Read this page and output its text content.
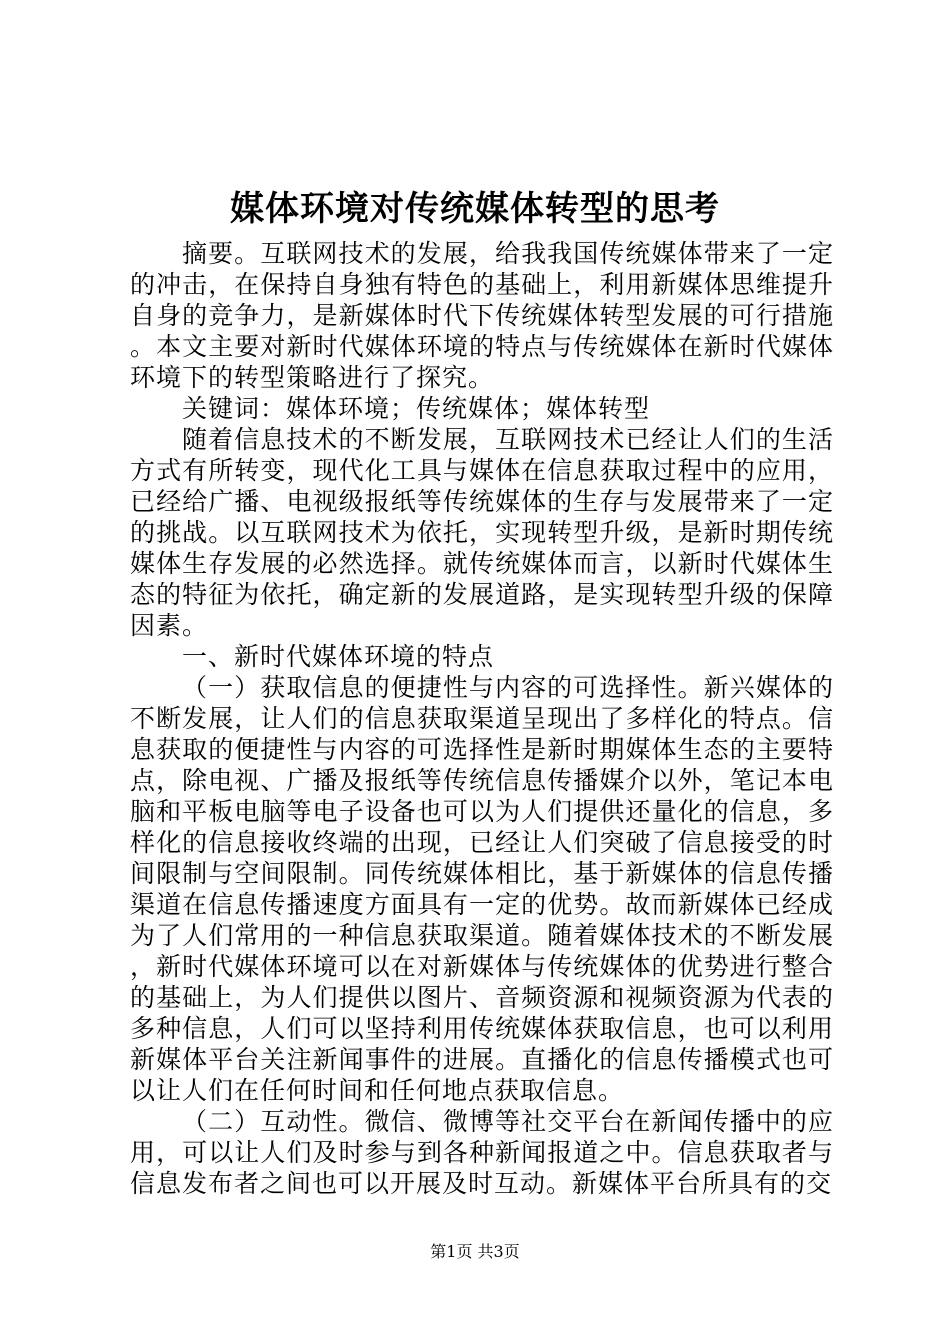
媒体环境对传统媒体转型的思考

摘要。互联网技术的发展，给我我国传统媒体带来了一定的冲击，在保持自身独有特色的基础上，利用新媒体思维提升自身的竞争力，是新媒体时代下传统媒体转型发展的可行措施。本文主要对新时代媒体环境的特点与传统媒体在新时代媒体环境下的转型策略进行了探究。

关键词：媒体环境；传统媒体；媒体转型

随着信息技术的不断发展，互联网技术已经让人们的生活方式有所转变，现代化工具与媒体在信息获取过程中的应用，已经给广播、电视级报纸等传统媒体的生存与发展带来了一定的挑战。以互联网技术为依托，实现转型升级，是新时期传统媒体生存发展的必然选择。就传统媒体而言，以新时代媒体生态的特征为依托，确定新的发展道路，是实现转型升级的保障因素。

一、新时代媒体环境的特点

（一）获取信息的便捷性与内容的可选择性。新兴媒体的不断发展，让人们的信息获取渠道呈现出了多样化的特点。信息获取的便捷性与内容的可选择性是新时期媒体生态的主要特点，除电视、广播及报纸等传统信息传播媒介以外，笔记本电脑和平板电脑等电子设备也可以为人们提供还量化的信息，多样化的信息接收终端的出现，已经让人们突破了信息接受的时间限制与空间限制。同传统媒体相比，基于新媒体的信息传播渠道在信息传播速度方面具有一定的优势。故而新媒体已经成为了人们常用的一种信息获取渠道。随着媒体技术的不断发展，新时代媒体环境可以在对新媒体与传统媒体的优势进行整合的基础上，为人们提供以图片、音频资源和视频资源为代表的多种信息，人们可以坚持利用传统媒体获取信息，也可以利用新媒体平台关注新闻事件的进展。直播化的信息传播模式也可以让人们在任何时间和任何地点获取信息。

（二）互动性。微信、微博等社交平台在新闻传播中的应用，可以让人们及时参与到各种新闻报道之中。信息获取者与信息发布者之间也可以开展及时互动。新媒体平台所具有的交

第1页 共3页
